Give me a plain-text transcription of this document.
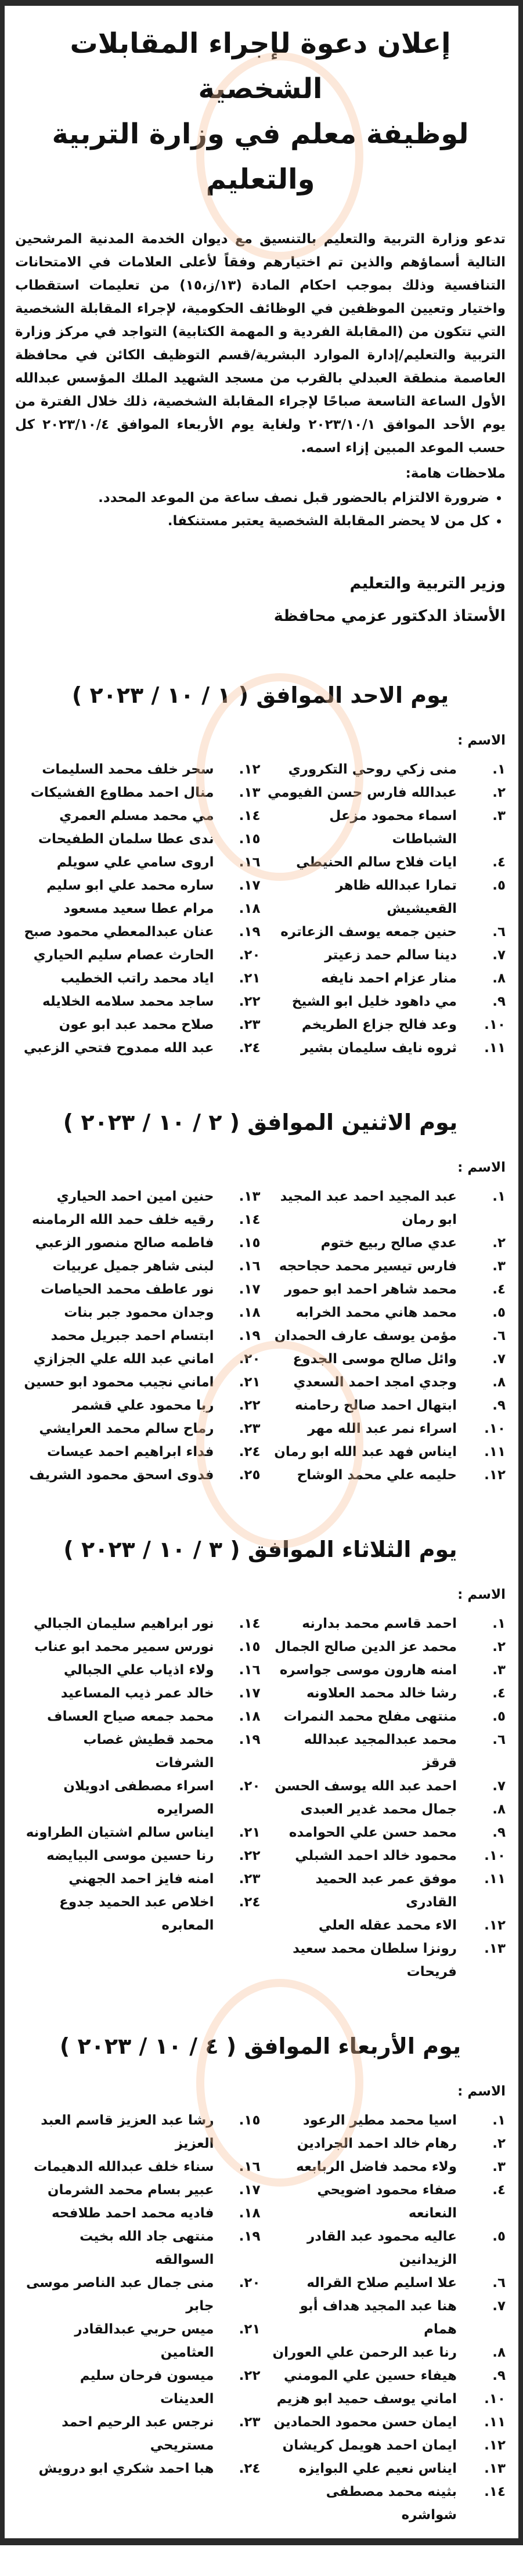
إعلان دعوة لإجراء المقابلات الشخصية
لوظيفة معلم في وزارة التربية والتعليم

تدعو وزارة التربية والتعليم بالتنسيق مع ديوان الخدمة المدنية المرشحين التالية أسماؤهم والذين تم اختيارهم وفقاً لأعلى العلامات في الامتحانات التنافسية وذلك بموجب احكام المادة (١٣/ز،١٥) من تعليمات استقطاب واختيار وتعيين الموظفين في الوظائف الحكومية، لإجراء المقابلة الشخصية التي تتكون من (المقابلة الفردية و المهمة الكتابية) التواجد في مركز وزارة التربية والتعليم/إدارة الموارد البشرية/قسم التوظيف الكائن في محافظة العاصمة منطقة العبدلي بالقرب من مسجد الشهيد الملك المؤسس عبدالله الأول الساعة التاسعة صباحًا لإجراء المقابلة الشخصية، ذلك خلال الفترة من يوم الأحد الموافق ٢٠٢٣/١٠/١ ولغاية يوم الأربعاء الموافق ٢٠٢٣/١٠/٤ كل حسب الموعد المبين إزاء اسمه.

ملاحظات هامة:
• ضرورة الالتزام بالحضور قبل نصف ساعة من الموعد المحدد.
• كل من لا يحضر المقابلة الشخصية يعتبر مستنكفا.
وزير التربية والتعليم
الأستاذ الدكتور عزمي محافظة
يوم الاحد الموافق ( ١ / ١٠ / ٢٠٢٣ )
الاسم :
١.
منى زكي روحي التكروري
٢.
عبدالله فارس حسن الفيومي
٣.
اسماء محمود مزعل الشباطات
٤.
ايات فلاح سالم الحنيطي
٥.
تمارا عبدالله ظاهر القعيشيش
٦.
حنين جمعه يوسف الزعاتره
٧.
دينا سالم حمد زعيتر
٨.
منار عزام احمد نايفه
٩.
مي داهود خليل ابو الشيخ
١٠.
وعد فالح جزاع الطريخم
١١.
ثروه نايف سليمان بشير
١٢.
سحر خلف محمد السليمات
١٣.
منال احمد مطاوع الفشيكات
١٤.
مي محمد مسلم العمري
١٥.
ندى عطا سلمان الطفيحات
١٦.
اروى سامي علي سويلم
١٧.
ساره محمد علي ابو سليم
١٨.
مرام عطا سعيد مسعود
١٩.
عنان عبدالمعطي محمود صبح
٢٠.
الحارث عصام سليم الحياري
٢١.
اياد محمد راتب الخطيب
٢٢.
ساجد محمد سلامه الخلايله
٢٣.
صلاح محمد عبد ابو عون
٢٤.
عبد الله ممدوح فتحي الزعبي
يوم الاثنين الموافق ( ٢ / ١٠ / ٢٠٢٣ )
الاسم :
١.
عبد المجيد احمد عبد المجيد ابو رمان
٢.
عدي صالح ربيع ختوم
٣.
فارس تيسير محمد حجاحجه
٤.
محمد شاهر احمد ابو حمور
٥.
محمد هاني محمد الخرابه
٦.
مؤمن يوسف عارف الحمدان
٧.
وائل صالح موسى الجدوع
٨.
وجدي امجد احمد السعدي
٩.
ابتهال احمد صالح رحامنه
١٠.
اسراء نمر عبد الله مهر
١١.
ايناس فهد عبد الله ابو رمان
١٢.
حليمه علي محمد الوشاح
١٣.
حنين امين احمد الحياري
١٤.
رقيه خلف حمد الله الرمامنه
١٥.
فاطمه صالح منصور الزعبي
١٦.
لبنى شاهر جميل عربيات
١٧.
نور عاطف محمد الحياصات
١٨.
وجدان محمود جبر بنات
١٩.
ابتسام احمد جبريل محمد
٢٠.
اماني عبد الله علي الجزازي
٢١.
اماني نجيب محمود ابو حسين
٢٢.
ربا محمود علي قشمر
٢٣.
رماح سالم محمد العرايشي
٢٤.
فداء ابراهيم احمد عيسات
٢٥.
فدوى اسحق محمود الشريف
يوم الثلاثاء الموافق ( ٣ / ١٠ / ٢٠٢٣ )
الاسم :
١.
احمد قاسم محمد بدارنه
٢.
محمد عز الدين صالح الجمال
٣.
امنه هارون موسى جواسره
٤.
رشا خالد محمد العلاونه
٥.
منتهى مفلح محمد النمرات
٦.
محمد عبدالمجيد عبدالله قرقز
٧.
احمد عبد الله يوسف الحسن
٨.
جمال محمد غدير العبدى
٩.
محمد حسن علي الحوامده
١٠.
محمود خالد احمد الشبلي
١١.
موفق عمر عبد الحميد القادرى
١٢.
الاء محمد عقله العلي
١٣.
رونزا سلطان محمد سعيد فريحات
١٤.
نور ابراهيم سليمان الجبالي
١٥.
نورس سمير محمد ابو عناب
١٦.
ولاء اذياب علي الجبالي
١٧.
خالد عمر ذيب المساعيد
١٨.
محمد جمعه صياح العساف
١٩.
محمد قطيش غصاب الشرفات
٢٠.
اسراء مصطفى ادويلان الصرايره
٢١.
ايناس سالم اشتيان الطراونه
٢٢.
رنا حسين موسى البيايضه
٢٣.
امنه فايز احمد الجهني
٢٤.
اخلاص عبد الحميد جدوع المعابره
يوم الأربعاء الموافق ( ٤ / ١٠ / ٢٠٢٣ )
الاسم :
١.
اسيا محمد مطير الرعود
٢.
رهام خالد احمد الجرادين
٣.
ولاء محمد فاضل الربابعه
٤.
صفاء محمود اضويحي النعانعه
٥.
عاليه محمود عبد القادر الزيدانين
٦.
علا اسليم صلاح القراله
٧.
هنا عبد المجيد هداف أبو همام
٨.
رنا عبد الرحمن علي العوران
٩.
هيفاء حسين علي المومني
١٠.
اماني يوسف حميد ابو هزيم
١١.
ايمان حسن محمود الحمادين
١٢.
ايمان احمد هويمل كريشان
١٣.
ايناس نعيم علي البوايزه
١٤.
بثينه محمد مصطفى شواشره
١٥.
رشا عبد العزيز قاسم العبد العزيز
١٦.
سناء خلف عبدالله الدهيمات
١٧.
عبير بسام محمد الشرمان
١٨.
فاديه محمد احمد طلافحه
١٩.
منتهى جاد الله بخيت السوالقه
٢٠.
منى جمال عبد الناصر موسى جابر
٢١.
ميس حربي عبدالقادر العثامين
٢٢.
ميسون فرحان سليم العدينات
٢٣.
نرجس عبد الرحيم احمد مستريحي
٢٤.
هبا احمد شكري ابو درويش
